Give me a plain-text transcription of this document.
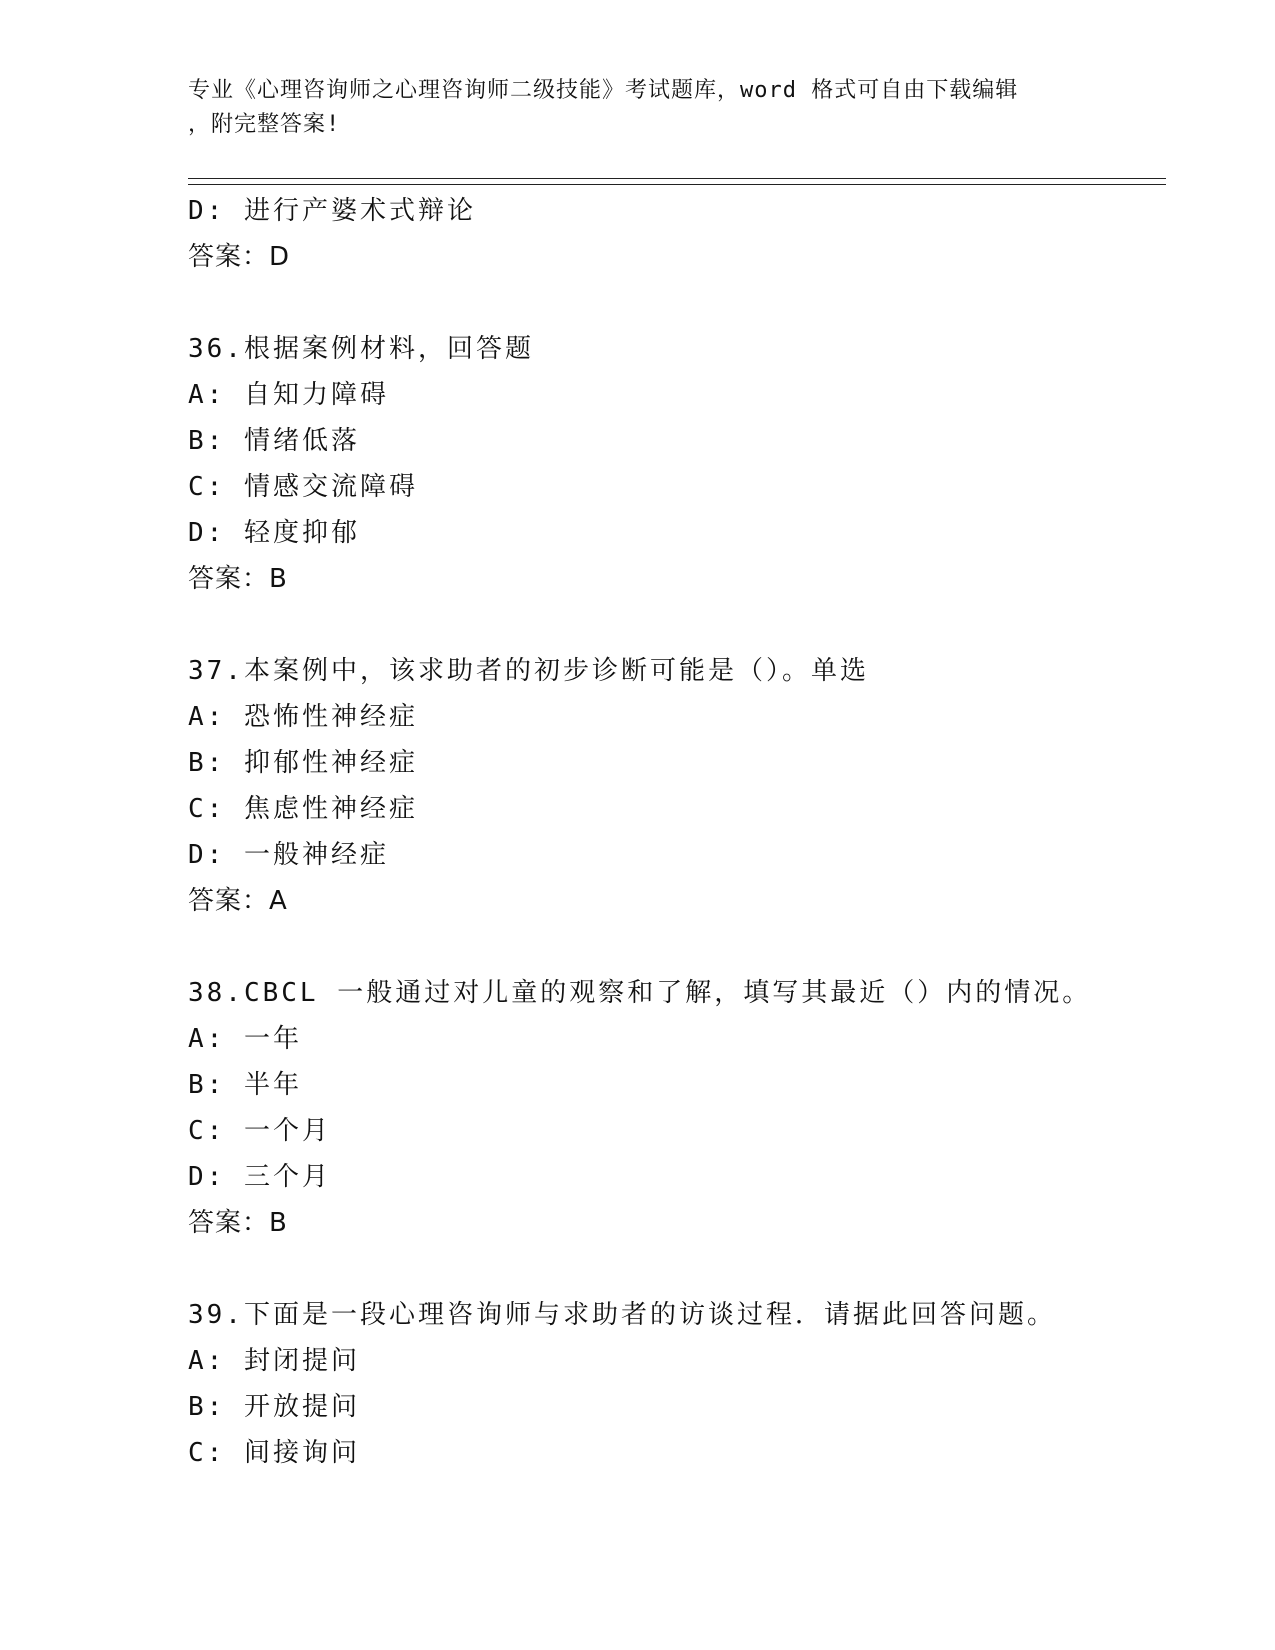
专业《心理咨询师之心理咨询师二级技能》考试题库，word 格式可自由下载编辑
，附完整答案!
D: 进行产婆术式辩论
答案：D
36.根据案例材料，回答题
A: 自知力障碍
B: 情绪低落
C: 情感交流障碍
D: 轻度抑郁
答案：B
37.本案例中，该求助者的初步诊断可能是（）。单选
A: 恐怖性神经症
B: 抑郁性神经症
C: 焦虑性神经症
D: 一般神经症
答案：A
38.CBCL 一般通过对儿童的观察和了解，填写其最近（）内的情况。
A: 一年
B: 半年
C: 一个月
D: 三个月
答案：B
39.下面是一段心理咨询师与求助者的访谈过程．请据此回答问题。
A: 封闭提问
B: 开放提问
C: 间接询问
